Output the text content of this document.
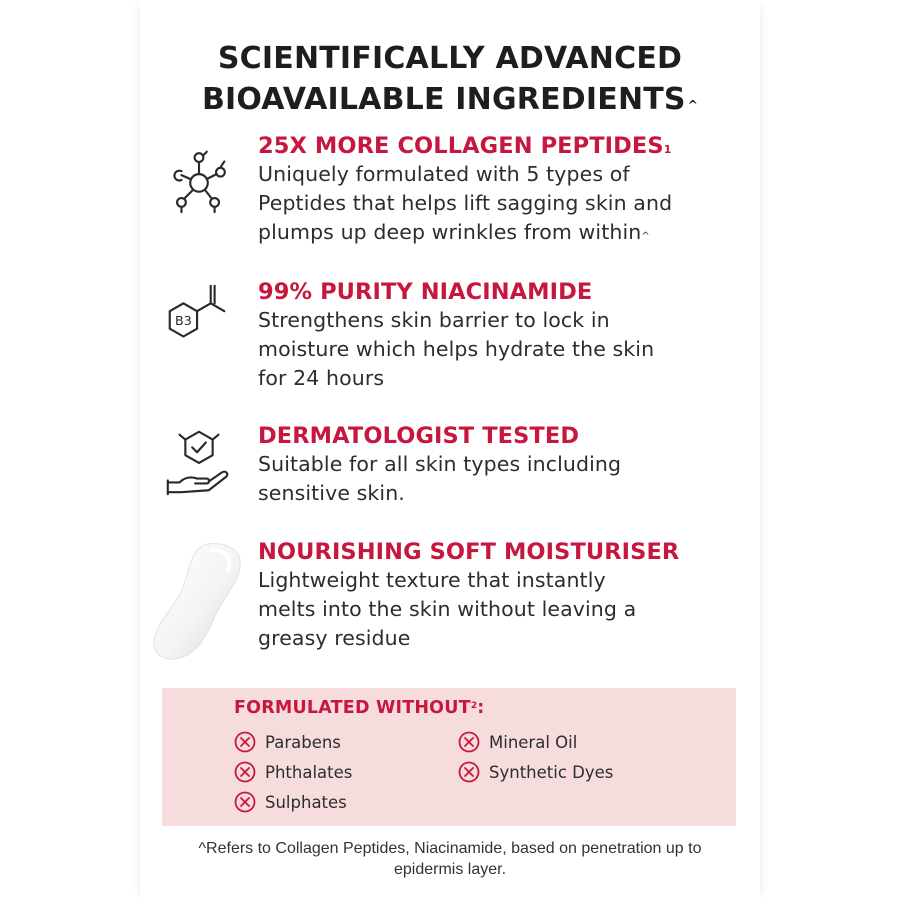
SCIENTIFICALLY ADVANCED
BIOAVAILABLE INGREDIENTS ^
25X MORE COLLAGEN PEPTIDES$^1$

Uniquely formulated with 5 types of

Peptides that helps lift sagging skin and

plumps up deep wrinkles from within^

B3
99% PURITY NIACINAMIDE

Strengthens skin barrier to lock in

moisture which helps hydrate the skin

for 24 hours

DERMATOLOGIST TESTED

Suitable for all skin types including

sensitive skin.

NOURISHING SOFT MOISTURISER

Lightweight texture that instantly

melts into the skin without leaving a

greasy residue

FORMULATED WITHOUT$^2$:
Parabens
Phthalates
Sulphates
Mineral Oil
Synthetic Dyes
^Refers to Collagen Peptides, Niacinamide, based on penetration up to
epidermis layer.
